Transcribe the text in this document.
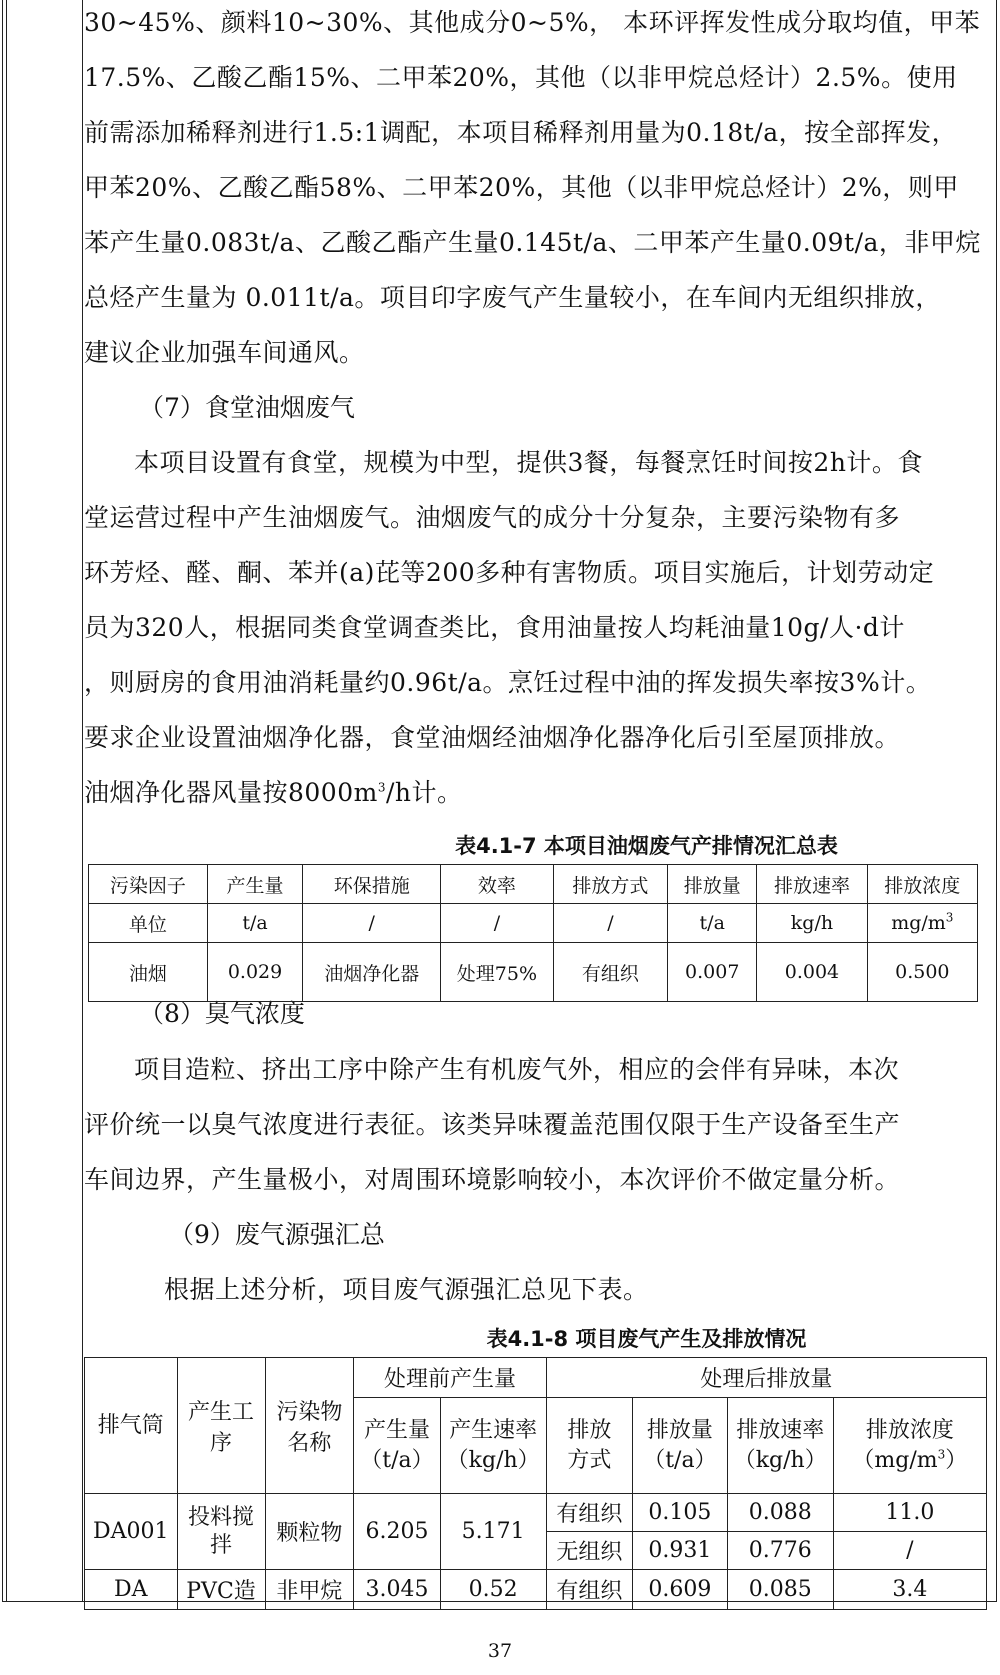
30~45%、颜料10~30%、其他成分0~5%， 本环评挥发性成分取均值，甲苯
17.5%、乙酸乙酯15%、二甲苯20%，其他（以非甲烷总烃计）2.5%。使用
前需添加稀释剂进行1.5:1调配，本项目稀释剂用量为0.18t/a，按全部挥发，
甲苯20%、乙酸乙酯58%、二甲苯20%，其他（以非甲烷总烃计）2%，则甲
苯产生量0.083t/a、乙酸乙酯产生量0.145t/a、二甲苯产生量0.09t/a，非甲烷
总烃产生量为 0.011t/a。项目印字废气产生量较小，在车间内无组织排放，
建议企业加强车间通风。
（7）食堂油烟废气
本项目设置有食堂，规模为中型，提供3餐，每餐烹饪时间按2h计。食
堂运营过程中产生油烟废气。油烟废气的成分十分复杂，主要污染物有多
环芳烃、醛、酮、苯并(a)芘等200多种有害物质。项目实施后，计划劳动定
员为320人，根据同类食堂调查类比，食用油量按人均耗油量10g/人·d计
，则厨房的食用油消耗量约0.96t/a。烹饪过程中油的挥发损失率按3%计。
要求企业设置油烟净化器，食堂油烟经油烟净化器净化后引至屋顶排放。
油烟净化器风量按$8000m^3/h$计。
表4.1-7 本项目油烟废气产排情况汇总表
污染因子	产生量	环保措施	效率	排放方式	排放量	排放速率	排放浓度
单位	t/a	/	/	/	t/a	kg/h	$mg/m^3$
油烟	0.029	油烟净化器	处理75%	有组织	0.007	0.004	0.500
（8）臭气浓度
项目造粒、挤出工序中除产生有机废气外，相应的会伴有异味，本次
评价统一以臭气浓度进行表征。该类异味覆盖范围仅限于生产设备至生产
车间边界，产生量极小，对周围环境影响较小，本次评价不做定量分析。
（9）废气源强汇总
根据上述分析，项目废气源强汇总见下表。
表4.1-8 项目废气产生及排放情况
排气筒	产生工序	污染物名称	处理前产生量		处理后排放量			
			产生量（t/a）	产生速率（kg/h）	排放方式	排放量（t/a）	排放速率（kg/h）	排放浓度$(mg/m^3)$
DA001	投料搅拌	颗粒物	6.205	5.171	有组织	0.105	0.088	11.0
					无组织	0.931	0.776	/
DA	PVC造	非甲烷	3.045	0.52	有组织	0.609	0.085	3.4
37
